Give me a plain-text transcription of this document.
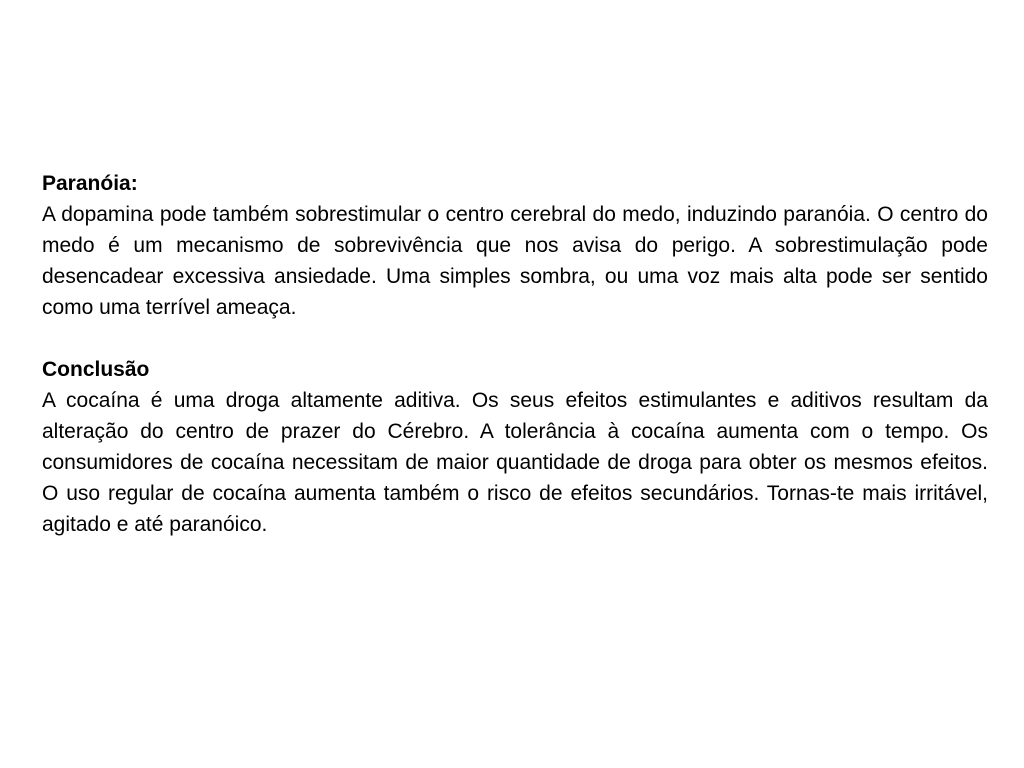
Paranóia:

A dopamina pode também sobrestimular o centro cerebral do medo, induzindo paranóia. O centro do medo é um mecanismo de sobrevivência que nos avisa do perigo. A sobrestimulação pode desencadear excessiva ansiedade. Uma simples sombra, ou uma voz mais alta pode ser sentido como uma terrível ameaça.

Conclusão

A cocaína é uma droga altamente aditiva. Os seus efeitos estimulantes e aditivos resultam da alteração do centro de prazer do Cérebro. A tolerância à cocaína aumenta com o tempo. Os consumidores de cocaína necessitam de maior quantidade de droga para obter os mesmos efeitos. O uso regular de cocaína aumenta também o risco de efeitos secundários. Tornas-te mais irritável, agitado e até paranóico.
